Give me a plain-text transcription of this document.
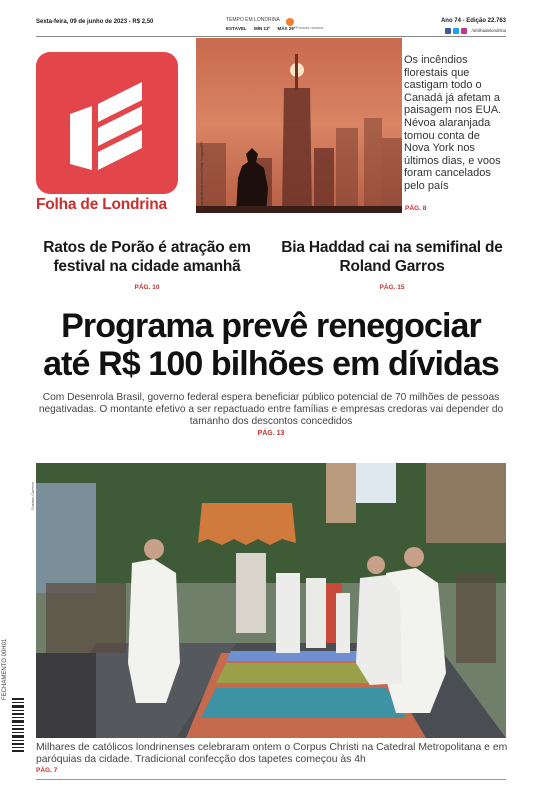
Sexta-feira, 09 de junho de 2023 - R$ 2,50	TEMPO EM LONDRINA
ESTÁVEL MÍN 13º MÁX 29º Poucas nuvens
Ano 74 - Edição 22.763
/ofolhadelondrina
Folha de Londrina	Eduardo Munoz Alvarez/Getty Images/AFP
Os incêndios florestais que castigam todo o Canadá já afetam a paisagem nos EUA. Névoa alaranjada tomou conta de Nova York nos últimos dias, e voos foram cancelados pelo país
PÁG. 8
Ratos de Porão é atração em festival na cidade amanhã
PÁG. 10
Bia Haddad cai na semifinal de Roland Garros
PÁG. 15
Programa prevê renegociar
até R$ 100 bilhões em dívidas
Com Desenrola Brasil, governo federal espera beneficiar público potencial de 70 milhões de pessoas negativadas. O montante efetivo a ser repactuado entre famílias e empresas credoras vai depender do tamanho dos descontos concedidos
PÁG. 13
Gustavo Carneiro
Milhares de católicos londrinenses celebraram ontem o Corpus Christi na Catedral Metropolitana e em paróquias da cidade. Tradicional confecção dos tapetes começou às 4h
PÁG. 7
FECHAMENTO 00H01
